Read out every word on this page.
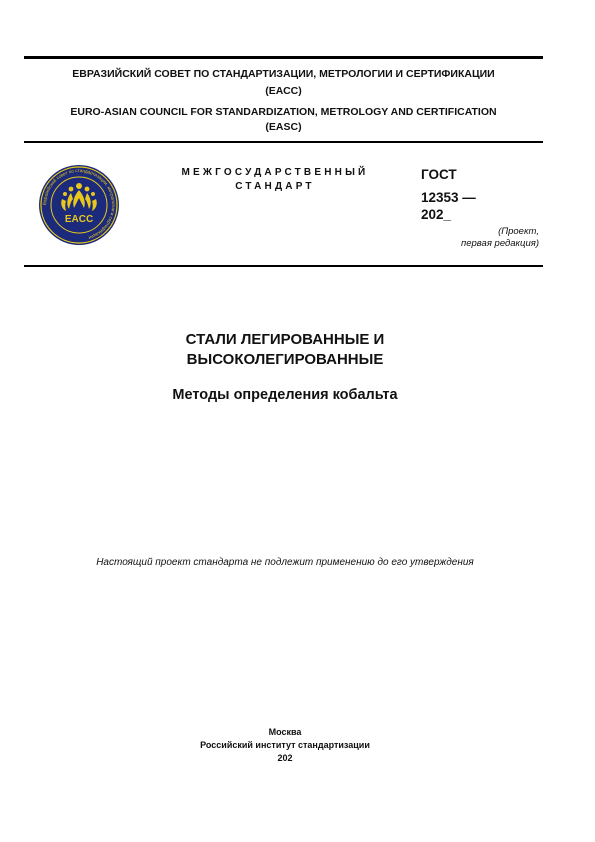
ЕВРАЗИЙСКИЙ СОВЕТ ПО СТАНДАРТИЗАЦИИ, МЕТРОЛОГИИ И СЕРТИФИКАЦИИ
(ЕАСС)
EURO-ASIAN COUNCIL FOR STANDARDIZATION, METROLOGY AND CERTIFICATION
(EASC)
Евразийский совет по стандартизации, метрологии и сертификации
EACC
МЕЖГОСУДАРСТВЕННЫЙ
СТАНДАРТ
ГОСТ
12353 —
202_
(Проект,
первая редакция)
СТАЛИ ЛЕГИРОВАННЫЕ И
ВЫСОКОЛЕГИРОВАННЫЕ
Методы определения кобальта
Настоящий проект стандарта не подлежит применению до его утверждения
Москва
Российский институт стандартизации
202
